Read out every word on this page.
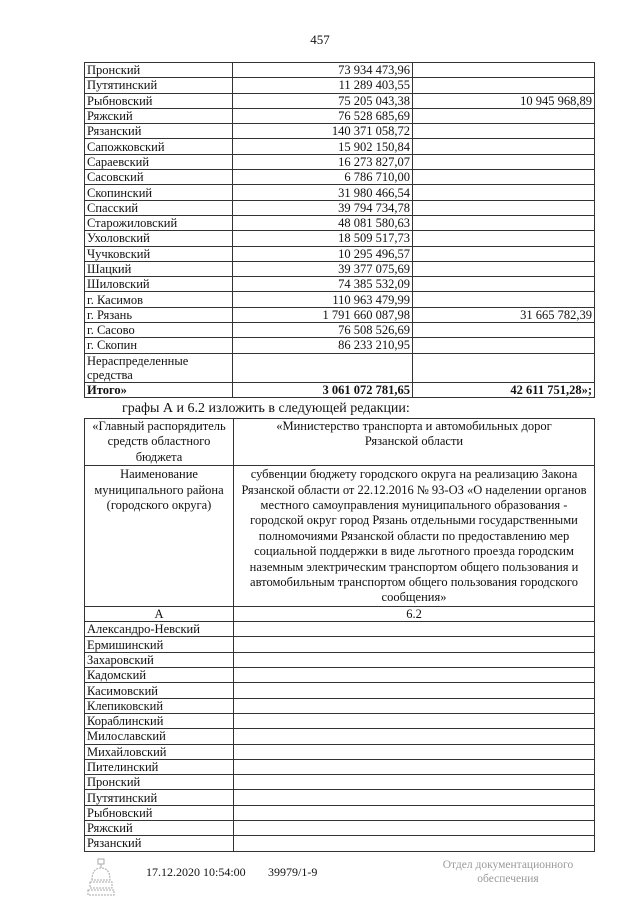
457
Пронский	73 934 473,96	
Путятинский	11 289 403,55	
Рыбновский	75 205 043,38	10 945 968,89
Ряжский	76 528 685,69	
Рязанский	140 371 058,72	
Сапожковский	15 902 150,84	
Сараевский	16 273 827,07	
Сасовский	6 786 710,00	
Скопинский	31 980 466,54	
Спасский	39 794 734,78	
Старожиловский	48 081 580,63	
Ухоловский	18 509 517,73	
Чучковский	10 295 496,57	
Шацкий	39 377 075,69	
Шиловский	74 385 532,09	
г. Касимов	110 963 479,99	
г. Рязань	1 791 660 087,98	31 665 782,39
г. Сасово	76 508 526,69	
г. Скопин	86 233 210,95	
Нераспределенные средства		
Итого»	3 061 072 781,65	42 611 751,28»;
графы А и 6.2 изложить в следующей редакции:
«Главный распорядитель средств областного бюджета	«Министерство транспорта и автомобильных дорог Рязанской области
Наименование муниципального района (городского округа)	субвенции бюджету городского округа на реализацию Закона Рязанской области от 22.12.2016 № 93-ОЗ «О наделении органов местного самоуправления муниципального образования - городской округ город Рязань отдельными государственными полномочиями Рязанской области по предоставлению мер социальной поддержки в виде льготного проезда городским наземным электрическим транспортом общего пользования и автомобильным транспортом общего пользования городского сообщения»
А	6.2
Александро-Невский	
Ермишинский	
Захаровский	
Кадомский	
Касимовский	
Клепиковский	
Кораблинский	
Милославский	
Михайловский	
Пителинский	
Пронский	
Путятинский	
Рыбновский	
Ряжский	
Рязанский	
17.12.2020 10:54:00 39979/1-9	Отдел документационного
обеспечения
